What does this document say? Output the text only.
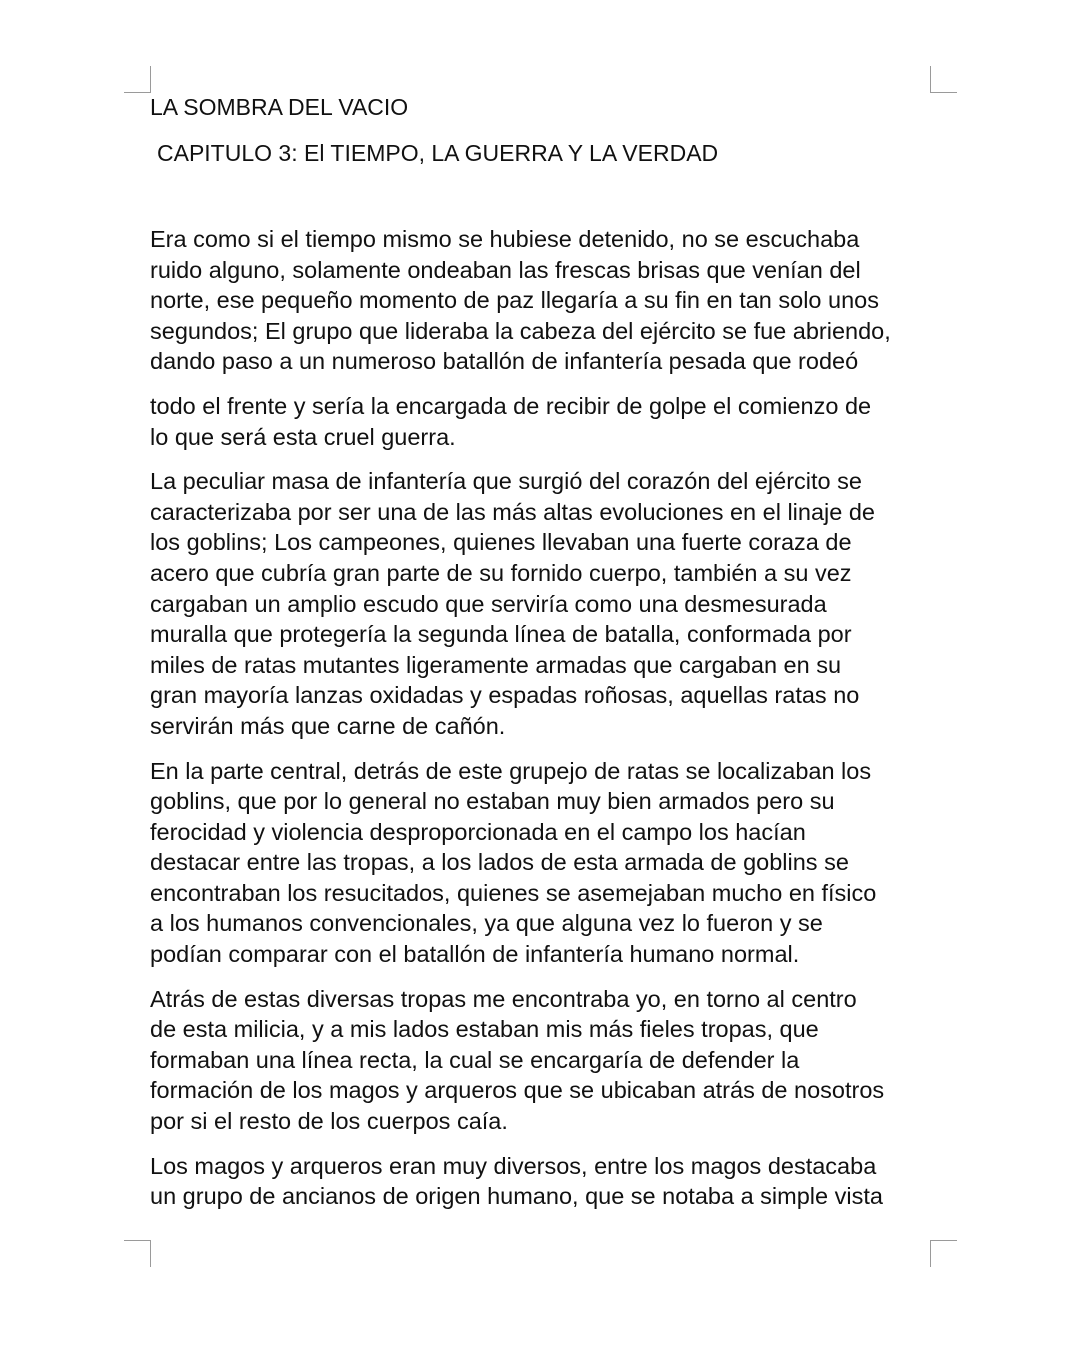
LA SOMBRA DEL VACIO
CAPITULO 3: El TIEMPO, LA GUERRA Y LA VERDAD

Era como si el tiempo mismo se hubiese detenido, no se escuchaba
ruido alguno, solamente ondeaban las frescas brisas que venían del
norte, ese pequeño momento de paz llegaría a su fin en tan solo unos
segundos; El grupo que lideraba la cabeza del ejército se fue abriendo,
dando paso a un numeroso batallón de infantería pesada que rodeó

todo el frente y sería la encargada de recibir de golpe el comienzo de
lo que será esta cruel guerra.

La peculiar masa de infantería que surgió del corazón del ejército se
caracterizaba por ser una de las más altas evoluciones en el linaje de
los goblins; Los campeones, quienes llevaban una fuerte coraza de
acero que cubría gran parte de su fornido cuerpo, también a su vez
cargaban un amplio escudo que serviría como una desmesurada
muralla que protegería la segunda línea de batalla, conformada por
miles de ratas mutantes ligeramente armadas que cargaban en su
gran mayoría lanzas oxidadas y espadas roñosas, aquellas ratas no
servirán más que carne de cañón.

En la parte central, detrás de este grupejo de ratas se localizaban los
goblins, que por lo general no estaban muy bien armados pero su
ferocidad y violencia desproporcionada en el campo los hacían
destacar entre las tropas, a los lados de esta armada de goblins se
encontraban los resucitados, quienes se asemejaban mucho en físico
a los humanos convencionales, ya que alguna vez lo fueron y se
podían comparar con el batallón de infantería humano normal.

Atrás de estas diversas tropas me encontraba yo, en torno al centro
de esta milicia, y a mis lados estaban mis más fieles tropas, que
formaban una línea recta, la cual se encargaría de defender la
formación de los magos y arqueros que se ubicaban atrás de nosotros
por si el resto de los cuerpos caía.

Los magos y arqueros eran muy diversos, entre los magos destacaba
un grupo de ancianos de origen humano, que se notaba a simple vista
